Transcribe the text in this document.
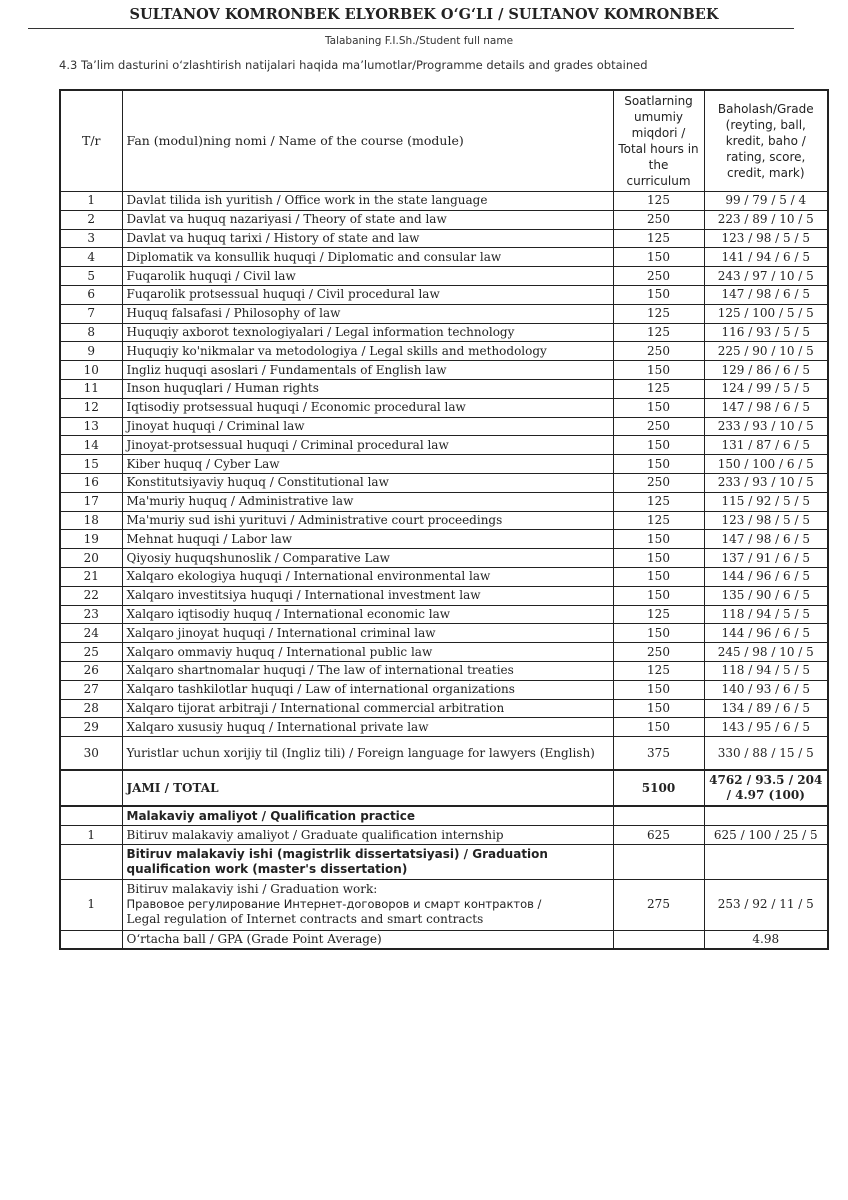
SULTANOV KOMRONBEK ELYORBEK O‘G‘LI / SULTANOV KOMRONBEK
Talabaning F.I.Sh./Student full name
4.3 Ta’lim dasturini o‘zlashtirish natijalari haqida ma’lumotlar/Programme details and grades obtained
T/r	Fan (modul)ning nomi / Name of the course (module)	Soatlarning umumiy miqdori / Total hours in the curriculum	Baholash/Grade (reyting, ball, kredit, baho / rating, score, credit, mark)
1	Davlat tilida ish yuritish / Office work in the state language	125	99 / 79 / 5 / 4
2	Davlat va huquq nazariyasi / Theory of state and law	250	223 / 89 / 10 / 5
3	Davlat va huquq tarixi / History of state and law	125	123 / 98 / 5 / 5
4	Diplomatik va konsullik huquqi / Diplomatic and consular law	150	141 / 94 / 6 / 5
5	Fuqarolik huquqi / Civil law	250	243 / 97 / 10 / 5
6	Fuqarolik protsessual huquqi / Civil procedural law	150	147 / 98 / 6 / 5
7	Huquq falsafasi / Philosophy of law	125	125 / 100 / 5 / 5
8	Huquqiy axborot texnologiyalari / Legal information technology	125	116 / 93 / 5 / 5
9	Huquqiy ko'nikmalar va metodologiya / Legal skills and methodology	250	225 / 90 / 10 / 5
10	Ingliz huquqi asoslari / Fundamentals of English law	150	129 / 86 / 6 / 5
11	Inson huquqlari / Human rights	125	124 / 99 / 5 / 5
12	Iqtisodiy protsessual huquqi / Economic procedural law	150	147 / 98 / 6 / 5
13	Jinoyat huquqi / Criminal law	250	233 / 93 / 10 / 5
14	Jinoyat-protsessual huquqi / Criminal procedural law	150	131 / 87 / 6 / 5
15	Kiber huquq / Cyber Law	150	150 / 100 / 6 / 5
16	Konstitutsiyaviy huquq / Constitutional law	250	233 / 93 / 10 / 5
17	Ma'muriy huquq / Administrative law	125	115 / 92 / 5 / 5
18	Ma'muriy sud ishi yurituvi / Administrative court proceedings	125	123 / 98 / 5 / 5
19	Mehnat huquqi / Labor law	150	147 / 98 / 6 / 5
20	Qiyosiy huquqshunoslik / Comparative Law	150	137 / 91 / 6 / 5
21	Xalqaro ekologiya huquqi / International environmental law	150	144 / 96 / 6 / 5
22	Xalqaro investitsiya huquqi / International investment law	150	135 / 90 / 6 / 5
23	Xalqaro iqtisodiy huquq / International economic law	125	118 / 94 / 5 / 5
24	Xalqaro jinoyat huquqi / International criminal law	150	144 / 96 / 6 / 5
25	Xalqaro ommaviy huquq / International public law	250	245 / 98 / 10 / 5
26	Xalqaro shartnomalar huquqi / The law of international treaties	125	118 / 94 / 5 / 5
27	Xalqaro tashkilotlar huquqi / Law of international organizations	150	140 / 93 / 6 / 5
28	Xalqaro tijorat arbitraji / International commercial arbitration	150	134 / 89 / 6 / 5
29	Xalqaro xususiy huquq / International private law	150	143 / 95 / 6 / 5
30	Yuristlar uchun xorijiy til (Ingliz tili) / Foreign language for lawyers (English)	375	330 / 88 / 15 / 5
	JAMI / TOTAL	5100	4762 / 93.5 / 204 / 4.97 (100)
	Malakaviy amaliyot / Qualification practice		
1	Bitiruv malakaviy amaliyot / Graduate qualification internship	625	625 / 100 / 25 / 5
	Bitiruv malakaviy ishi (magistrlik dissertatsiyasi) / Graduation qualification work (master's dissertation)		
1	Bitiruv malakaviy ishi / Graduation work:
Правовое регулирование Интернет-договоров и смарт контрактов /
Legal regulation of Internet contracts and smart contracts	275	253 / 92 / 11 / 5
	O‘rtacha ball / GPA (Grade Point Average)		4.98
